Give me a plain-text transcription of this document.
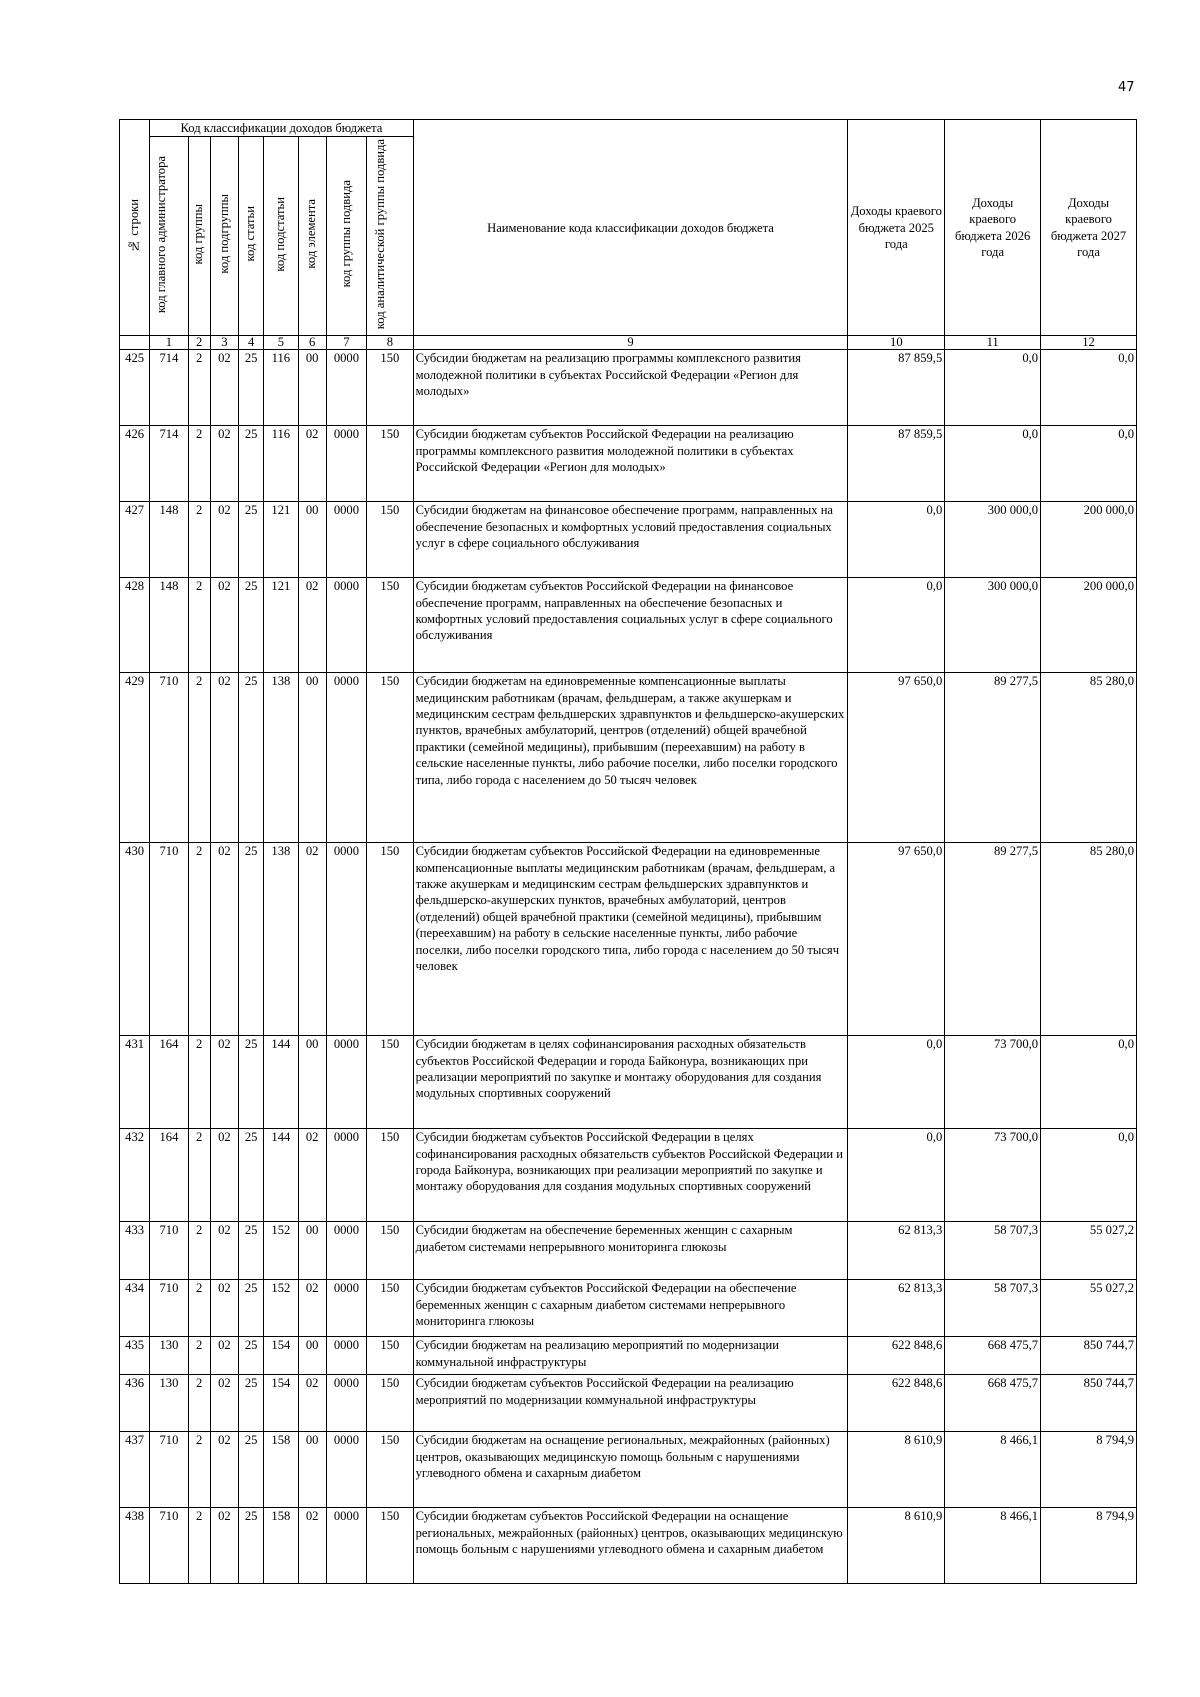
47
№ строки	Код классификации доходов бюджета								Наименование кода классификации доходов бюджета	Доходы краевого бюджета 2025 года	Доходы краевого бюджета 2026 года	Доходы краевого бюджета 2027 года
	код главного администратора	код группы	код подгруппы	код статьи	код подстатьи	код элемента	код группы подвида	код аналитической группы подвида				
	1	2	3	4	5	6	7	8	9	10	11	12
425	714	2	02	25	116	00	0000	150	Субсидии бюджетам на реализацию программы комплексного развития молодежной политики в субъектах Российской Федерации «Регион для молодых»	87 859,5	0,0	0,0
426	714	2	02	25	116	02	0000	150	Субсидии бюджетам субъектов Российской Федерации на реализацию программы комплексного развития молодежной политики в субъектах Российской Федерации «Регион для молодых»	87 859,5	0,0	0,0
427	148	2	02	25	121	00	0000	150	Субсидии бюджетам на финансовое обеспечение программ, направленных на обеспечение безопасных и комфортных условий предоставления социальных услуг в сфере социального обслуживания	0,0	300 000,0	200 000,0
428	148	2	02	25	121	02	0000	150	Субсидии бюджетам субъектов Российской Федерации на финансовое обеспечение программ, направленных на обеспечение безопасных и комфортных условий предоставления социальных услуг в сфере социального обслуживания	0,0	300 000,0	200 000,0
429	710	2	02	25	138	00	0000	150	Субсидии бюджетам на единовременные компенсационные выплаты медицинским работникам (врачам, фельдшерам, а также акушеркам и медицинским сестрам фельдшерских здравпунктов и фельдшерско-акушерских пунктов, врачебных амбулаторий, центров (отделений) общей врачебной практики (семейной медицины), прибывшим (переехавшим) на работу в сельские населенные пункты, либо рабочие поселки, либо поселки городского типа, либо города с населением до 50 тысяч человек	97 650,0	89 277,5	85 280,0
430	710	2	02	25	138	02	0000	150	Субсидии бюджетам субъектов Российской Федерации на единовременные компенсационные выплаты медицинским работникам (врачам, фельдшерам, а также акушеркам и медицинским сестрам фельдшерских здравпунктов и фельдшерско-акушерских пунктов, врачебных амбулаторий, центров (отделений) общей врачебной практики (семейной медицины), прибывшим (переехавшим) на работу в сельские населенные пункты, либо рабочие поселки, либо поселки городского типа, либо города с населением до 50 тысяч человек	97 650,0	89 277,5	85 280,0
431	164	2	02	25	144	00	0000	150	Субсидии бюджетам в целях софинансирования расходных обязательств субъектов Российской Федерации и города Байконура, возникающих при реализации мероприятий по закупке и монтажу оборудования для создания модульных спортивных сооружений	0,0	73 700,0	0,0
432	164	2	02	25	144	02	0000	150	Субсидии бюджетам субъектов Российской Федерации в целях софинансирования расходных обязательств субъектов Российской Федерации и города Байконура, возникающих при реализации мероприятий по закупке и монтажу оборудования для создания модульных спортивных сооружений	0,0	73 700,0	0,0
433	710	2	02	25	152	00	0000	150	Субсидии бюджетам на обеспечение беременных женщин с сахарным диабетом системами непрерывного мониторинга глюкозы	62 813,3	58 707,3	55 027,2
434	710	2	02	25	152	02	0000	150	Субсидии бюджетам субъектов Российской Федерации на обеспечение беременных женщин с сахарным диабетом системами непрерывного мониторинга глюкозы	62 813,3	58 707,3	55 027,2
435	130	2	02	25	154	00	0000	150	Субсидии бюджетам на реализацию мероприятий по модернизации коммунальной инфраструктуры	622 848,6	668 475,7	850 744,7
436	130	2	02	25	154	02	0000	150	Субсидии бюджетам субъектов Российской Федерации на реализацию мероприятий по модернизации коммунальной инфраструктуры	622 848,6	668 475,7	850 744,7
437	710	2	02	25	158	00	0000	150	Субсидии бюджетам на оснащение региональных, межрайонных (районных) центров, оказывающих медицинскую помощь больным с нарушениями углеводного обмена и сахарным диабетом	8 610,9	8 466,1	8 794,9
438	710	2	02	25	158	02	0000	150	Субсидии бюджетам субъектов Российской Федерации на оснащение региональных, межрайонных (районных) центров, оказывающих медицинскую помощь больным с нарушениями углеводного обмена и сахарным диабетом	8 610,9	8 466,1	8 794,9
